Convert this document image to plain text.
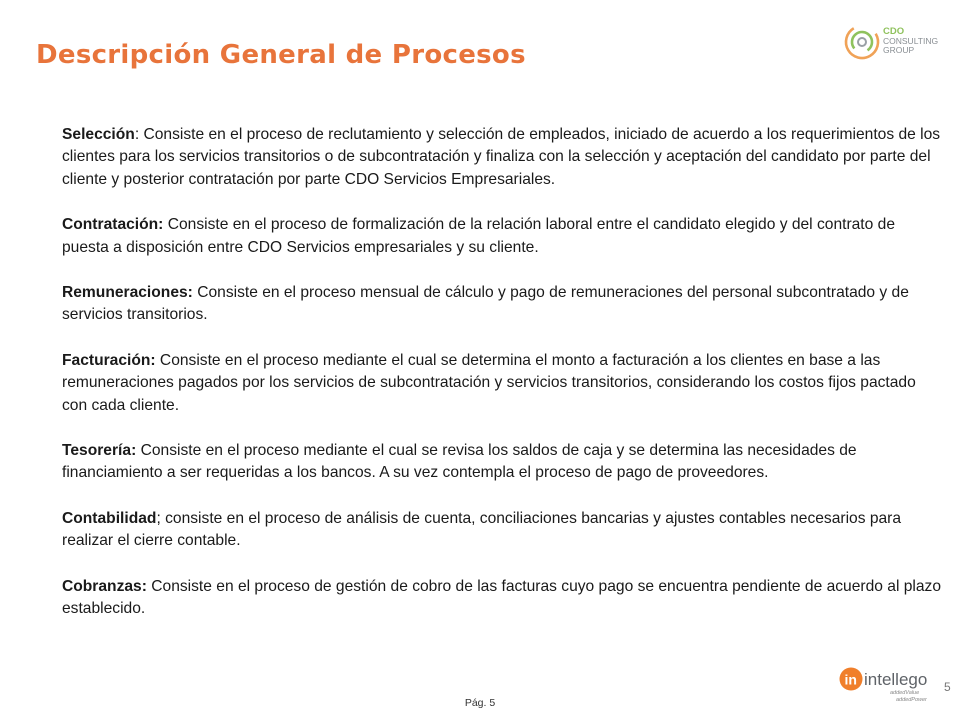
CDO
CONSULTING
GROUP
Descripción General de Procesos

Selección: Consiste en el proceso de reclutamiento y selección de empleados, iniciado de acuerdo a los requerimientos de los clientes para los servicios transitorios o de subcontratación y finaliza con la selección y aceptación del candidato por parte del cliente y posterior contratación por parte CDO Servicios Empresariales.

Contratación: Consiste en el proceso de formalización de la relación laboral entre el candidato elegido y del contrato de puesta a disposición entre CDO Servicios empresariales y su cliente.

Remuneraciones: Consiste en el proceso mensual de cálculo y pago de remuneraciones del personal subcontratado y de servicios transitorios.

Facturación: Consiste en el proceso mediante el cual se determina el monto a facturación a los clientes en base a las remuneraciones pagados por los servicios de subcontratación y servicios transitorios, considerando los costos fijos pactado con cada cliente.

Tesorería: Consiste en el proceso mediante el cual se revisa los saldos de caja y se determina las necesidades de financiamiento a ser requeridas a los bancos. A su vez contempla el proceso de pago de proveedores.

Contabilidad; consiste en el proceso de análisis de cuenta, conciliaciones bancarias y ajustes contables necesarios para realizar el cierre contable.

Cobranzas: Consiste en el proceso de gestión de cobro de las facturas cuyo pago se encuentra pendiente de acuerdo al plazo establecido.

in intellego
addedValue
addedPower
5
Pág. 5
